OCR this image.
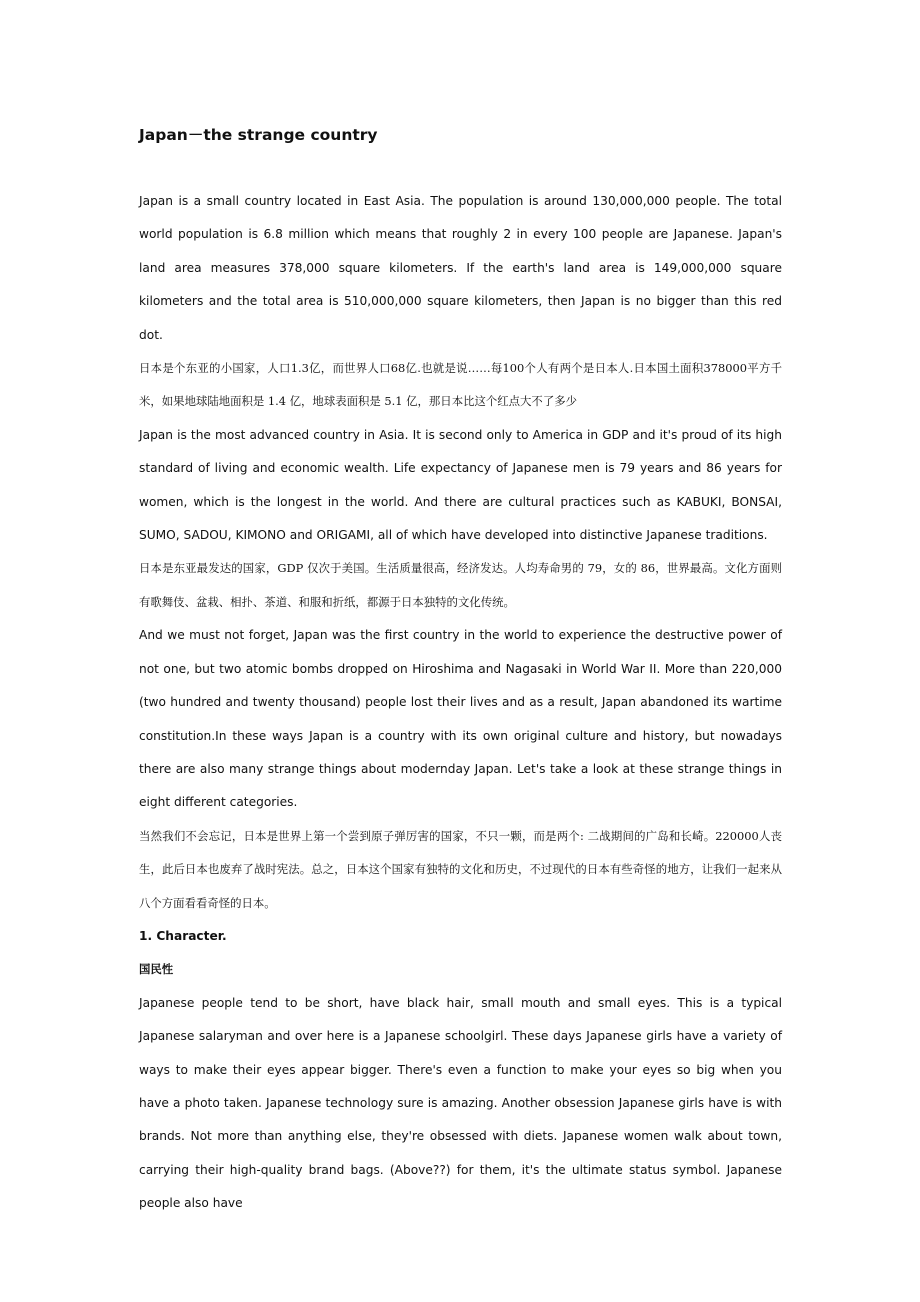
Japan－the strange country

Japan is a small country located in East Asia. The population is around 130,000,000 people. The total world population is 6.8 million which means that roughly 2 in every 100 people are Japanese. Japan's land area measures 378,000 square kilometers. If the earth's land area is 149,000,000 square kilometers and the total area is 510,000,000 square kilometers, then Japan is no bigger than this red dot.

日本是个东亚的小国家，人口1.3亿，而世界人口68亿.也就是说……每100个人有两个是日本人.日本国土面积378000平方千米，如果地球陆地面积是 1.4 亿，地球表面积是 5.1 亿，那日本比这个红点大不了多少

Japan is the most advanced country in Asia. It is second only to America in GDP and it's proud of its high standard of living and economic wealth. Life expectancy of Japanese men is 79 years and 86 years for women, which is the longest in the world. And there are cultural practices such as KABUKI, BONSAI, SUMO, SADOU, KIMONO and ORIGAMI, all of which have developed into distinctive Japanese traditions.

日本是东亚最发达的国家，GDP 仅次于美国。生活质量很高，经济发达。人均寿命男的 79，女的 86，世界最高。文化方面则有歌舞伎、盆栽、相扑、茶道、和服和折纸，都源于日本独特的文化传统。

And we must not forget, Japan was the first country in the world to experience the destructive power of not one, but two atomic bombs dropped on Hiroshima and Nagasaki in World War II. More than 220,000 (two hundred and twenty thousand) people lost their lives and as a result, Japan abandoned its wartime constitution.In these ways Japan is a country with its own original culture and history, but nowadays there are also many strange things about modernday Japan. Let's take a look at these strange things in eight different categories.

当然我们不会忘记，日本是世界上第一个尝到原子弹厉害的国家，不只一颗，而是两个: 二战期间的广岛和长崎。220000人丧生，此后日本也废弃了战时宪法。总之，日本这个国家有独特的文化和历史，不过现代的日本有些奇怪的地方，让我们一起来从八个方面看看奇怪的日本。

1. Character.

国民性

Japanese people tend to be short, have black hair, small mouth and small eyes. This is a typical Japanese salaryman and over here is a Japanese schoolgirl. These days Japanese girls have a variety of ways to make their eyes appear bigger. There's even a function to make your eyes so big when you have a photo taken. Japanese technology sure is amazing. Another obsession Japanese girls have is with brands. Not more than anything else, they're obsessed with diets. Japanese women walk about town, carrying their high-quality brand bags. (Above??) for them, it's the ultimate status symbol. Japanese people also have
